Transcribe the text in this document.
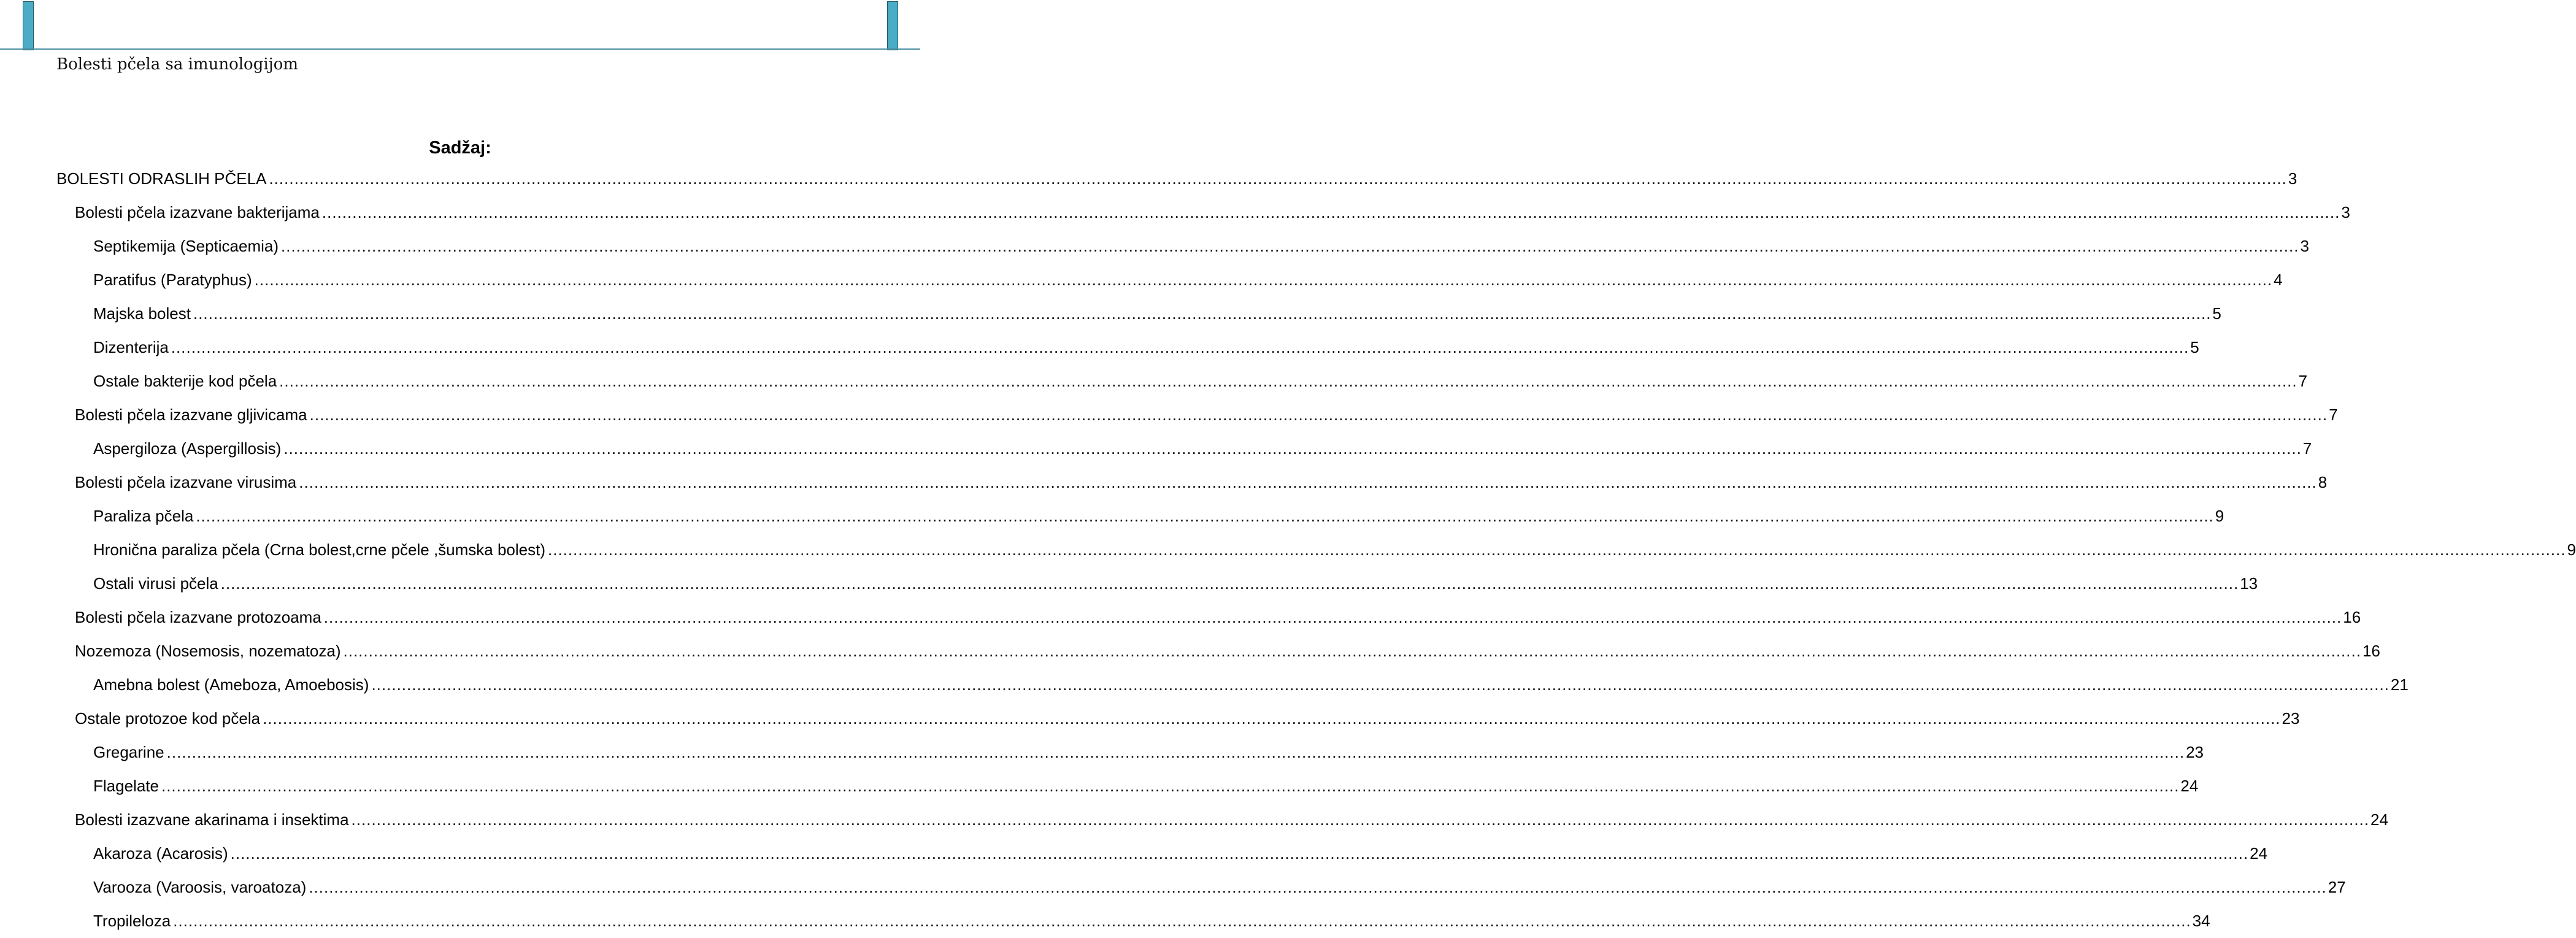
Bolesti pčela sa imunologijom
Sadžaj:
BOLESTI ODRASLIH PČELA ................................................................................................................................................................................................................................................................................................................................................................................................................ 3
Bolesti pčela izazvane bakterijama ................................................................................................................................................................................................................................................................................................................................................................................................................ 3
Septikemija (Septicaemia) ................................................................................................................................................................................................................................................................................................................................................................................................................ 3
Paratifus (Paratyphus) ................................................................................................................................................................................................................................................................................................................................................................................................................ 4
Majska bolest ................................................................................................................................................................................................................................................................................................................................................................................................................ 5
Dizenterija ................................................................................................................................................................................................................................................................................................................................................................................................................ 5
Ostale bakterije kod pčela ................................................................................................................................................................................................................................................................................................................................................................................................................ 7
Bolesti pčela izazvane gljivicama ................................................................................................................................................................................................................................................................................................................................................................................................................ 7
Aspergiloza (Aspergillosis) ................................................................................................................................................................................................................................................................................................................................................................................................................ 7
Bolesti pčela izazvane virusima ................................................................................................................................................................................................................................................................................................................................................................................................................ 8
Paraliza pčela ................................................................................................................................................................................................................................................................................................................................................................................................................ 9
Hronična paraliza pčela (Crna bolest,crne pčele ,šumska bolest) ................................................................................................................................................................................................................................................................................................................................................................................................................ 9
Ostali virusi pčela ................................................................................................................................................................................................................................................................................................................................................................................................................ 13
Bolesti pčela izazvane protozoama ................................................................................................................................................................................................................................................................................................................................................................................................................ 16
Nozemoza (Nosemosis, nozematoza) ................................................................................................................................................................................................................................................................................................................................................................................................................ 16
Amebna bolest (Ameboza, Amoebosis) ................................................................................................................................................................................................................................................................................................................................................................................................................ 21
Ostale protozoe kod pčela ................................................................................................................................................................................................................................................................................................................................................................................................................ 23
Gregarine ................................................................................................................................................................................................................................................................................................................................................................................................................ 23
Flagelate ................................................................................................................................................................................................................................................................................................................................................................................................................ 24
Bolesti izazvane akarinama i insektima ................................................................................................................................................................................................................................................................................................................................................................................................................ 24
Akaroza (Acarosis) ................................................................................................................................................................................................................................................................................................................................................................................................................ 24
Varooza (Varoosis, varoatoza) ................................................................................................................................................................................................................................................................................................................................................................................................................ 27
Tropileloza ................................................................................................................................................................................................................................................................................................................................................................................................................ 34
